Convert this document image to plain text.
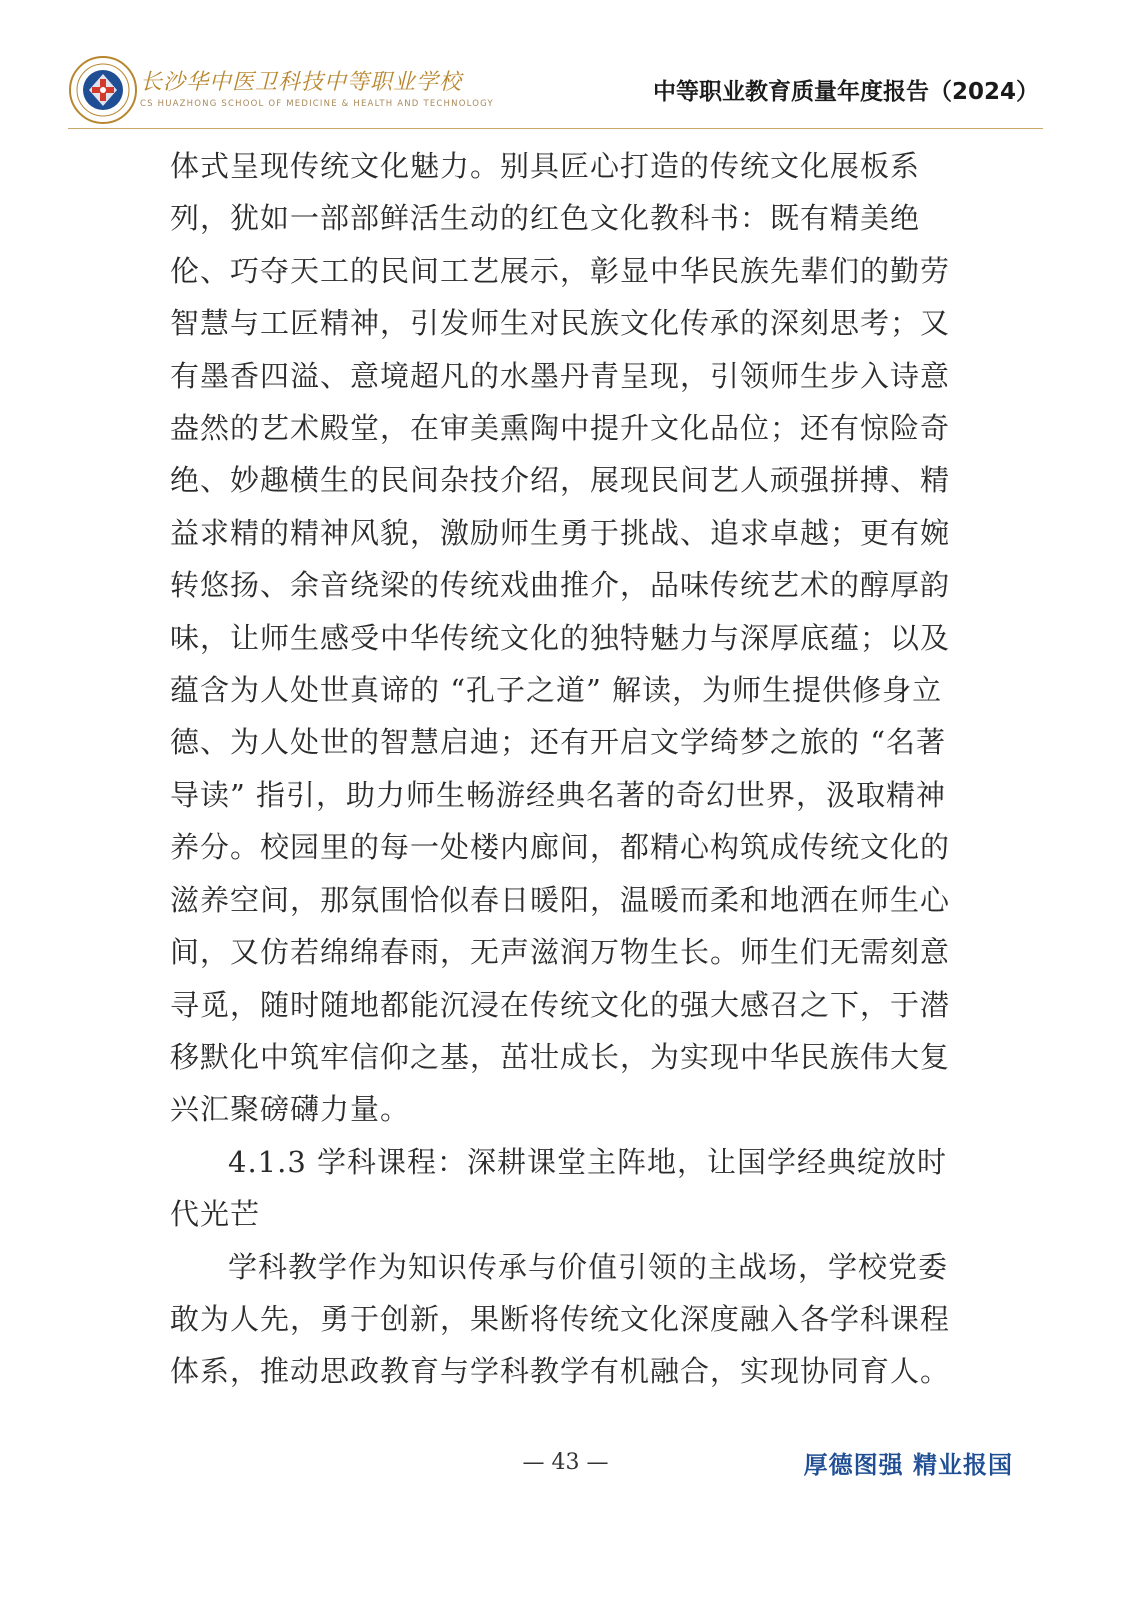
长沙华中医卫科技中等职业学校
CS HUAZHONG SCHOOL OF MEDICINE & HEALTH AND TECHNOLOGY	中等职业教育质量年度报告（2024）

体式呈现传统文化魅力。别具匠心打造的传统文化展板系列，犹如一部部鲜活生动的红色文化教科书：既有精美绝伦、巧夺天工的民间工艺展示，彰显中华民族先辈们的勤劳智慧与工匠精神，引发师生对民族文化传承的深刻思考；又有墨香四溢、意境超凡的水墨丹青呈现，引领师生步入诗意盎然的艺术殿堂，在审美熏陶中提升文化品位；还有惊险奇绝、妙趣横生的民间杂技介绍，展现民间艺人顽强拼搏、精益求精的精神风貌，激励师生勇于挑战、追求卓越；更有婉转悠扬、余音绕梁的传统戏曲推介，品味传统艺术的醇厚韵味，让师生感受中华传统文化的独特魅力与深厚底蕴；以及蕴含为人处世真谛的 “孔子之道” 解读，为师生提供修身立德、为人处世的智慧启迪；还有开启文学绮梦之旅的 “名著导读” 指引，助力师生畅游经典名著的奇幻世界，汲取精神养分。校园里的每一处楼内廊间，都精心构筑成传统文化的滋养空间，那氛围恰似春日暖阳，温暖而柔和地洒在师生心间，又仿若绵绵春雨，无声滋润万物生长。师生们无需刻意寻觅，随时随地都能沉浸在传统文化的强大感召之下，于潜移默化中筑牢信仰之基，茁壮成长，为实现中华民族伟大复兴汇聚磅礴力量。

4.1.3 学科课程：深耕课堂主阵地，让国学经典绽放时代光芒

学科教学作为知识传承与价值引领的主战场，学校党委敢为人先，勇于创新，果断将传统文化深度融入各学科课程体系，推动思政教育与学科教学有机融合，实现协同育人。

— 43 —	厚德图强 精业报国
